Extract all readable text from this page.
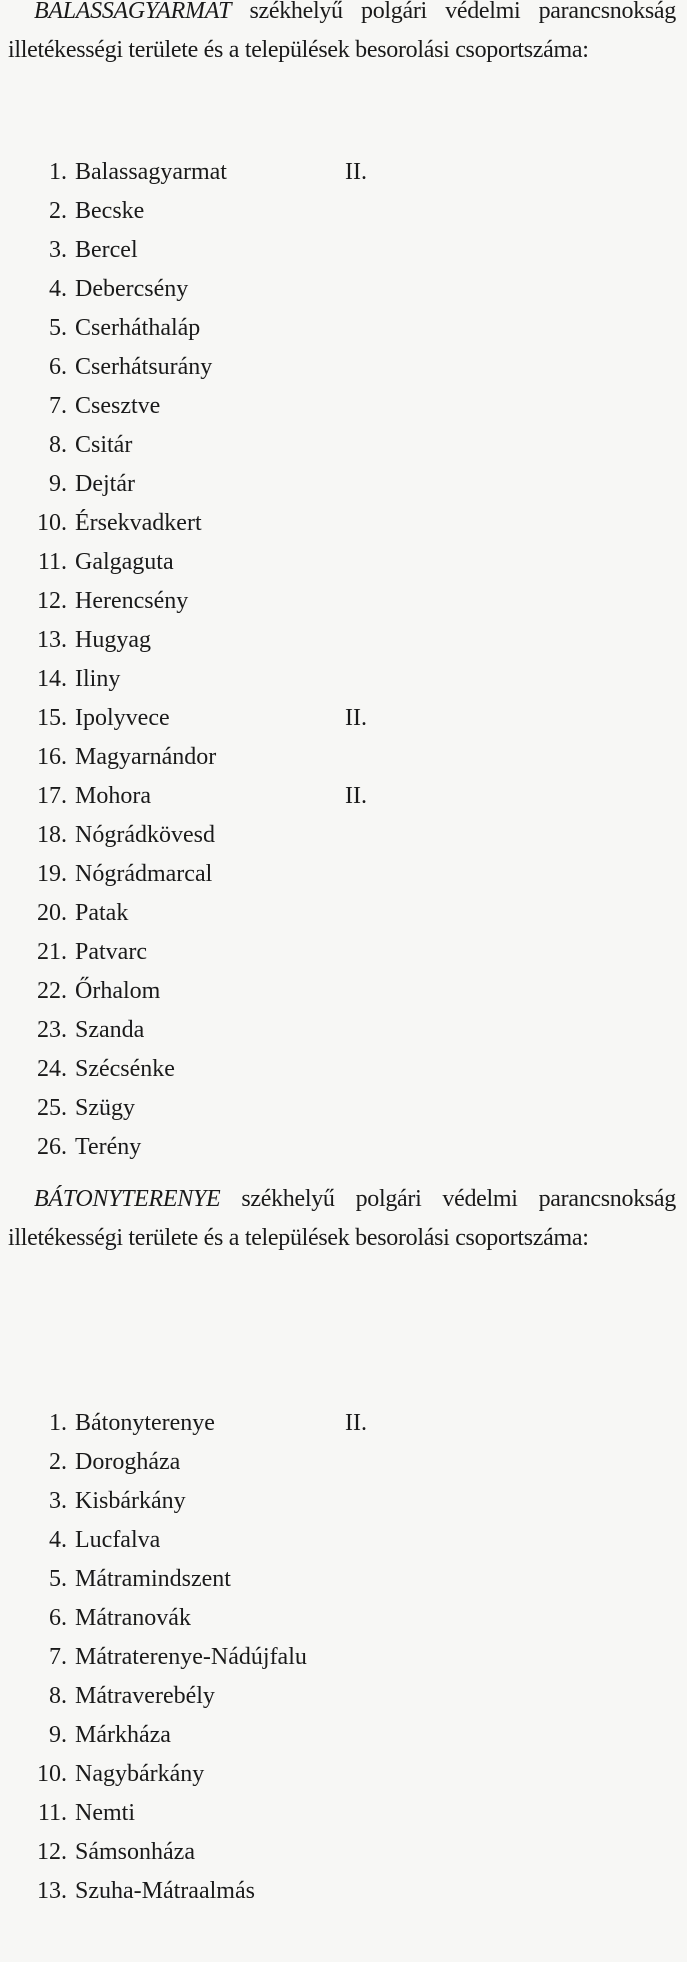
BALASSAGYARMAT székhelyű polgári védelmi parancsnokság illetékességi területe és a települések besorolási csoportszáma:

1. Balassagyarmat	II.
2. Becske
3. Bercel
4. Debercsény
5. Cserháthaláp
6. Cserhátsurány
7. Csesztve
8. Csitár
9. Dejtár
10. Érsekvadkert
11. Galgaguta
12. Herencsény
13. Hugyag
14. Iliny
15. Ipolyvece	II.
16. Magyarnándor
17. Mohora	II.
18. Nógrádkövesd
19. Nógrádmarcal
20. Patak
21. Patvarc
22. Őrhalom
23. Szanda
24. Szécsénke
25. Szügy
26. Terény

BÁTONYTERENYE székhelyű polgári védelmi parancsnokság illetékességi területe és a települések besorolási csoportszáma:

1. Bátonyterenye	II.
2. Dorogháza
3. Kisbárkány
4. Lucfalva
5. Mátramindszent
6. Mátranovák
7. Mátraterenye-Nádújfalu
8. Mátraverebély
9. Márkháza
10. Nagybárkány
11. Nemti
12. Sámsonháza
13. Szuha-Mátraalmás
